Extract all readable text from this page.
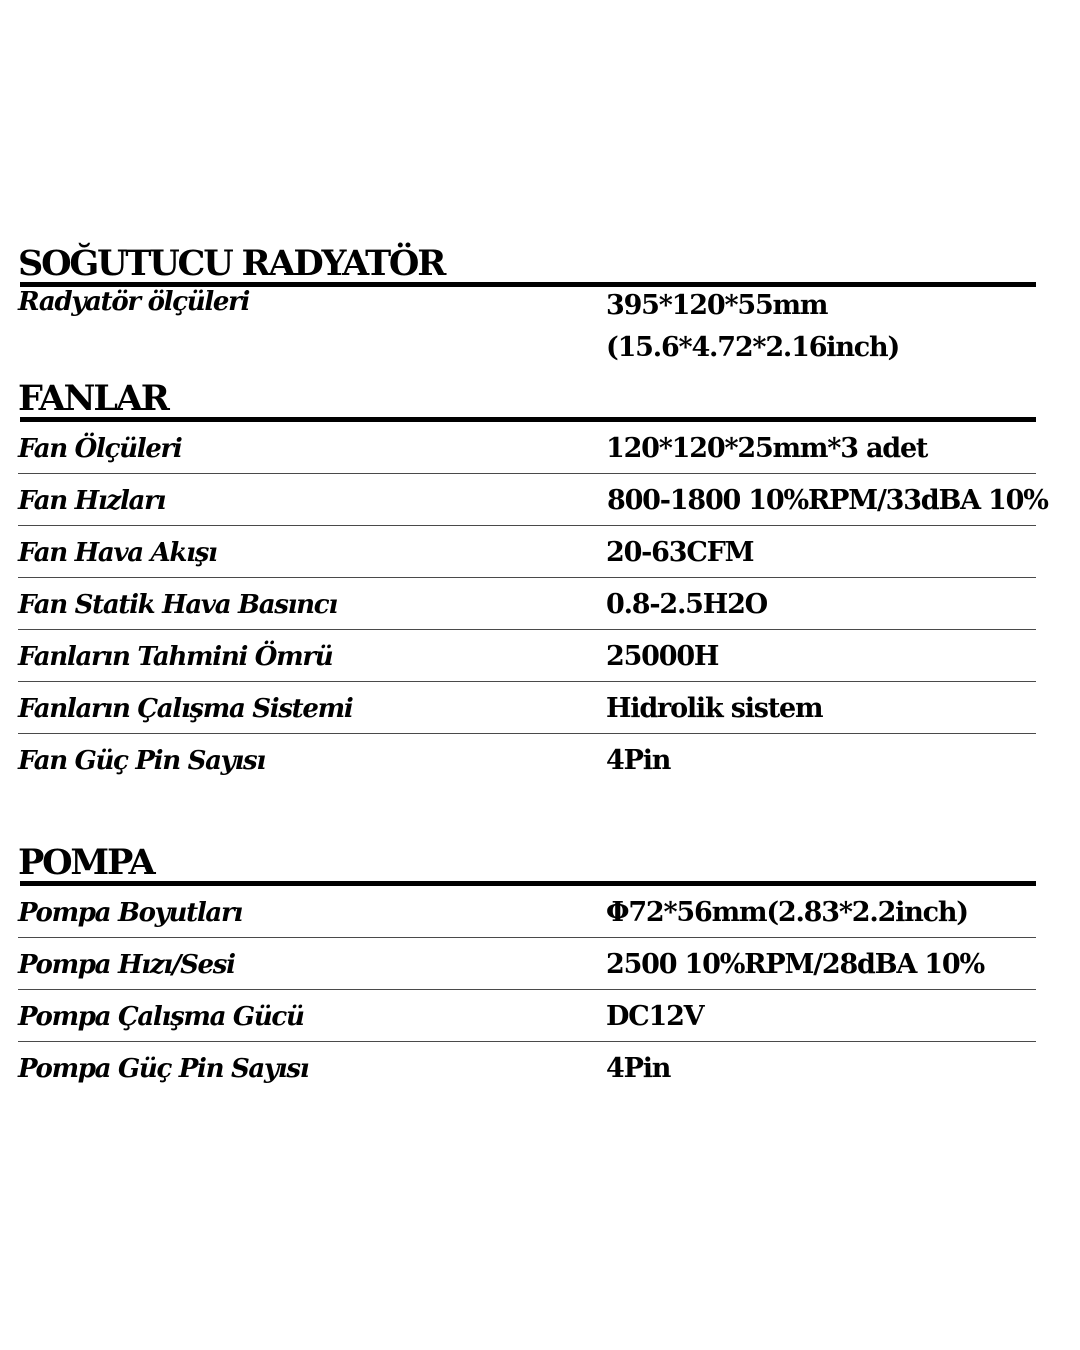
SOĞUTUCU RADYATÖR
Radyatör ölçüleri	395*120*55mm
(15.6*4.72*2.16inch)
FANLAR
Fan Ölçüleri	120*120*25mm*3 adet
Fan Hızları	800-1800 10%RPM/33dBA 10%
Fan Hava Akışı	20-63CFM
Fan Statik Hava Basıncı	0.8-2.5H2O
Fanların Tahmini Ömrü	25000H
Fanların Çalışma Sistemi	Hidrolik sistem
Fan Güç Pin Sayısı	4Pin
POMPA
Pompa Boyutları	Φ72*56mm(2.83*2.2inch)
Pompa Hızı/Sesi	2500 10%RPM/28dBA 10%
Pompa Çalışma Gücü	DC12V
Pompa Güç Pin Sayısı	4Pin
